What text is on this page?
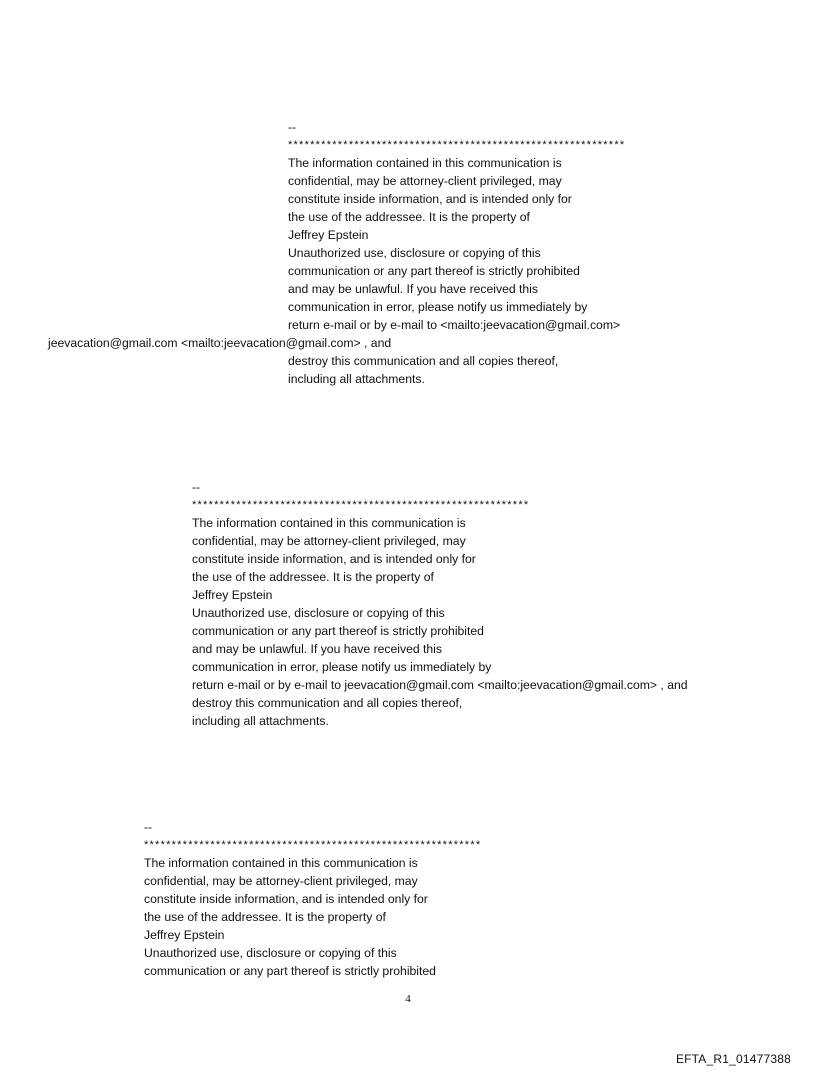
--
*************************************************************
The information contained in this communication is
confidential, may be attorney-client privileged, may
constitute inside information, and is intended only for
the use of the addressee. It is the property of
Jeffrey Epstein
Unauthorized use, disclosure or copying of this
communication or any part thereof is strictly prohibited
and may be unlawful. If you have received this
communication in error, please notify us immediately by
return e-mail or by e-mail to <mailto:jeevacation@gmail.com>
jeevacation@gmail.com <mailto:jeevacation@gmail.com> , and
destroy this communication and all copies thereof,
including all attachments.
--
*************************************************************
The information contained in this communication is
confidential, may be attorney-client privileged, may
constitute inside information, and is intended only for
the use of the addressee. It is the property of
Jeffrey Epstein
Unauthorized use, disclosure or copying of this
communication or any part thereof is strictly prohibited
and may be unlawful. If you have received this
communication in error, please notify us immediately by
return e-mail or by e-mail to jeevacation@gmail.com <mailto:jeevacation@gmail.com> , and
destroy this communication and all copies thereof,
including all attachments.
--
*************************************************************
The information contained in this communication is
confidential, may be attorney-client privileged, may
constitute inside information, and is intended only for
the use of the addressee. It is the property of
Jeffrey Epstein
Unauthorized use, disclosure or copying of this
communication or any part thereof is strictly prohibited
4
EFTA_R1_01477388
